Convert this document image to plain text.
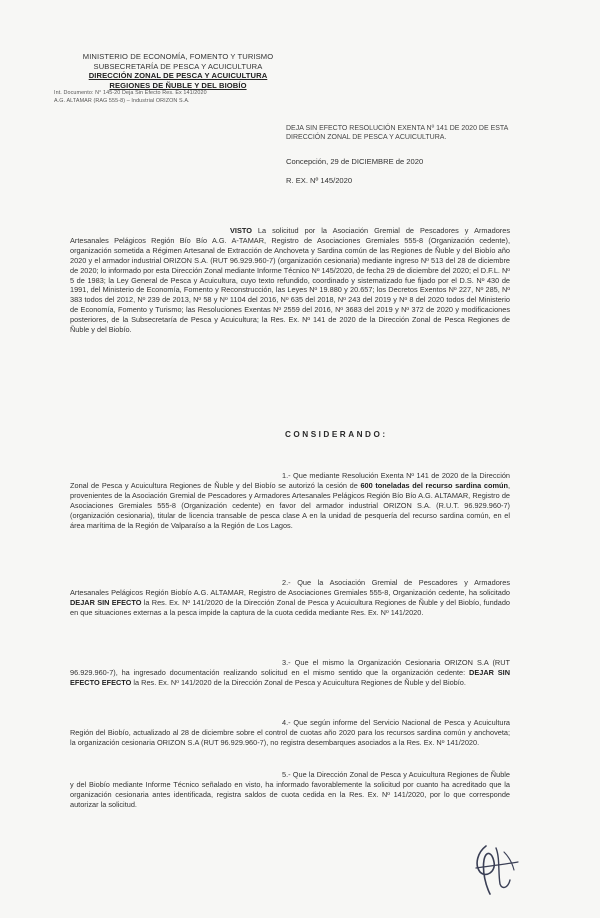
MINISTERIO DE ECONOMÍA, FOMENTO Y TURISMO
SUBSECRETARÍA DE PESCA Y ACUICULTURA
DIRECCIÓN ZONAL DE PESCA Y ACUICULTURA
REGIONES DE ÑUBLE Y DEL BIOBÍO
Int. Documento: N° 145-20 Deja Sin Efecto Res. Ex 141/2020
A.G. ALTAMAR (RAG 555-8) – Industrial ORIZON S.A.
DEJA SIN EFECTO RESOLUCIÓN EXENTA Nº 141 DE 2020 DE ESTA DIRECCIÓN ZONAL DE PESCA Y ACUICULTURA.
Concepción, 29 de DICIEMBRE de 2020
R. EX. Nº 145/2020
VISTO La solicitud por la Asociación Gremial de Pescadores y Armadores Artesanales Pelágicos Región Bío Bío A.G. A-TAMAR, Registro de Asociaciones Gremiales 555-8 (Organización cedente), organización sometida a Régimen Artesanal de Extracción de Anchoveta y Sardina común de las Regiones de Ñuble y del Biobío año 2020 y el armador industrial ORIZON S.A. (RUT 96.929.960-7) (organización cesionaria) mediante ingreso Nº 513 del 28 de diciembre de 2020; lo informado por esta Dirección Zonal mediante Informe Técnico Nº 145/2020, de fecha 29 de diciembre del 2020; el D.F.L. Nº 5 de 1983; la Ley General de Pesca y Acuicultura, cuyo texto refundido, coordinado y sistematizado fue fijado por el D.S. Nº 430 de 1991, del Ministerio de Economía, Fomento y Reconstrucción, las Leyes Nº 19.880 y 20.657; los Decretos Exentos Nº 227, Nº 285, Nº 383 todos del 2012, Nº 239 de 2013, Nº 58 y Nº 1104 del 2016, Nº 635 del 2018, Nº 243 del 2019 y Nº 8 del 2020 todos del Ministerio de Economía, Fomento y Turismo; las Resoluciones Exentas Nº 2559 del 2016, Nº 3683 del 2019 y Nº 372 de 2020 y modificaciones posteriores, de la Subsecretaría de Pesca y Acuicultura; la Res. Ex. Nº 141 de 2020 de la Dirección Zonal de Pesca Regiones de Ñuble y del Biobío.
CONSIDERANDO:
1.- Que mediante Resolución Exenta Nº 141 de 2020 de la Dirección Zonal de Pesca y Acuicultura Regiones de Ñuble y del Biobío se autorizó la cesión de 600 toneladas del recurso sardina común, provenientes de la Asociación Gremial de Pescadores y Armadores Artesanales Pelágicos Región Bío Bío A.G. ALTAMAR, Registro de Asociaciones Gremiales 555-8 (Organización cedente) en favor del armador industrial ORIZON S.A. (R.U.T. 96.929.960-7) (organización cesionaria), titular de licencia transable de pesca clase A en la unidad de pesquería del recurso sardina común, en el área marítima de la Región de Valparaíso a la Región de Los Lagos.
2.- Que la Asociación Gremial de Pescadores y Armadores Artesanales Pelágicos Región Biobío A.G. ALTAMAR, Registro de Asociaciones Gremiales 555-8, Organización cedente, ha solicitado DEJAR SIN EFECTO la Res. Ex. Nº 141/2020 de la Dirección Zonal de Pesca y Acuicultura Regiones de Ñuble y del Biobío, fundado en que situaciones externas a la pesca impide la captura de la cuota cedida mediante Res. Ex. Nº 141/2020.
3.- Que el mismo la Organización Cesionaria ORIZON S.A (RUT 96.929.960-7), ha ingresado documentación realizando solicitud en el mismo sentido que la organización cedente: DEJAR SIN EFECTO EFECTO la Res. Ex. Nº 141/2020 de la Dirección Zonal de Pesca y Acuicultura Regiones de Ñuble y del Biobío.
4.- Que según informe del Servicio Nacional de Pesca y Acuicultura Región del Biobío, actualizado al 28 de diciembre sobre el control de cuotas año 2020 para los recursos sardina común y anchoveta; la organización cesionaria ORIZON S.A (RUT 96.929.960-7), no registra desembarques asociados a la Res. Ex. Nº 141/2020.
5.- Que la Dirección Zonal de Pesca y Acuicultura Regiones de Ñuble y del Biobío mediante Informe Técnico señalado en visto, ha informado favorablemente la solicitud por cuanto ha acreditado que la organización cesionaria antes identificada, registra saldos de cuota cedida en la Res. Ex. Nº 141/2020, por lo que corresponde autorizar la solicitud.
